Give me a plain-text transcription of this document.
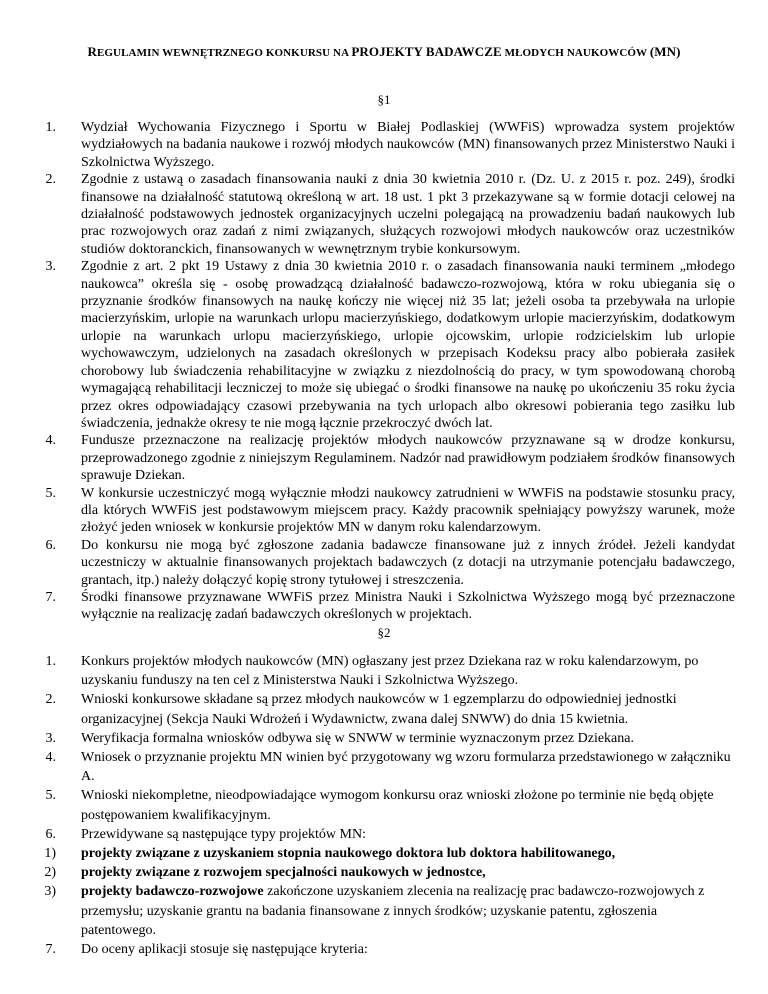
REGULAMIN WEWNĘTRZNEGO KONKURSU NA PROJEKTY BADAWCZE MŁODYCH NAUKOWCÓW (MN)
§1
1. Wydział Wychowania Fizycznego i Sportu w Białej Podlaskiej (WWFiS) wprowadza system projektów wydziałowych na badania naukowe i rozwój młodych naukowców (MN) finansowanych przez Ministerstwo Nauki i Szkolnictwa Wyższego.
2. Zgodnie z ustawą o zasadach finansowania nauki z dnia 30 kwietnia 2010 r. (Dz. U. z 2015 r. poz. 249), środki finansowe na działalność statutową określoną w art. 18 ust. 1 pkt 3 przekazywane są w formie dotacji celowej na działalność podstawowych jednostek organizacyjnych uczelni polegającą na prowadzeniu badań naukowych lub prac rozwojowych oraz zadań z nimi związanych, służących rozwojowi młodych naukowców oraz uczestników studiów doktoranckich, finansowanych w wewnętrznym trybie konkursowym.
3. Zgodnie z art. 2 pkt 19 Ustawy z dnia 30 kwietnia 2010 r. o zasadach finansowania nauki terminem „młodego naukowca” określa się - osobę prowadzącą działalność badawczo-rozwojową, która w roku ubiegania się o przyznanie środków finansowych na naukę kończy nie więcej niż 35 lat; jeżeli osoba ta przebywała na urlopie macierzyńskim, urlopie na warunkach urlopu macierzyńskiego, dodatkowym urlopie macierzyńskim, dodatkowym urlopie na warunkach urlopu macierzyńskiego, urlopie ojcowskim, urlopie rodzicielskim lub urlopie wychowawczym, udzielonych na zasadach określonych w przepisach Kodeksu pracy albo pobierała zasiłek chorobowy lub świadczenia rehabilitacyjne w związku z niezdolnością do pracy, w tym spowodowaną chorobą wymagającą rehabilitacji leczniczej to może się ubiegać o środki finansowe na naukę po ukończeniu 35 roku życia przez okres odpowiadający czasowi przebywania na tych urlopach albo okresowi pobierania tego zasiłku lub świadczenia, jednakże okresy te nie mogą łącznie przekroczyć dwóch lat.
4. Fundusze przeznaczone na realizację projektów młodych naukowców przyznawane są w drodze konkursu, przeprowadzonego zgodnie z niniejszym Regulaminem. Nadzór nad prawidłowym podziałem środków finansowych sprawuje Dziekan.
5. W konkursie uczestniczyć mogą wyłącznie młodzi naukowcy zatrudnieni w WWFiS na podstawie stosunku pracy, dla których WWFiS jest podstawowym miejscem pracy. Każdy pracownik spełniający powyższy warunek, może złożyć jeden wniosek w konkursie projektów MN w danym roku kalendarzowym.
6. Do konkursu nie mogą być zgłoszone zadania badawcze finansowane już z innych źródeł. Jeżeli kandydat uczestniczy w aktualnie finansowanych projektach badawczych (z dotacji na utrzymanie potencjału badawczego, grantach, itp.) należy dołączyć kopię strony tytułowej i streszczenia.
7. Środki finansowe przyznawane WWFiS przez Ministra Nauki i Szkolnictwa Wyższego mogą być przeznaczone wyłącznie na realizację zadań badawczych określonych w projektach.
§2
1. Konkurs projektów młodych naukowców (MN) ogłaszany jest przez Dziekana raz w roku kalendarzowym, po uzyskaniu funduszy na ten cel z Ministerstwa Nauki i Szkolnictwa Wyższego.
2. Wnioski konkursowe składane są przez młodych naukowców w 1 egzemplarzu do odpowiedniej jednostki organizacyjnej (Sekcja Nauki Wdrożeń i Wydawnictw, zwana dalej SNWW) do dnia 15 kwietnia.
3. Weryfikacja formalna wniosków odbywa się w SNWW w terminie wyznaczonym przez Dziekana.
4. Wniosek o przyznanie projektu MN winien być przygotowany wg wzoru formularza przedstawionego w załączniku A.
5. Wnioski niekompletne, nieodpowiadające wymogom konkursu oraz wnioski złożone po terminie nie będą objęte postępowaniem kwalifikacyjnym.
6. Przewidywane są następujące typy projektów MN:
1) projekty związane z uzyskaniem stopnia naukowego doktora lub doktora habilitowanego,
2) projekty związane z rozwojem specjalności naukowych w jednostce,
3) projekty badawczo-rozwojowe zakończone uzyskaniem zlecenia na realizację prac badawczo-rozwojowych z przemysłu; uzyskanie grantu na badania finansowane z innych środków; uzyskanie patentu, zgłoszenia patentowego.
7. Do oceny aplikacji stosuje się następujące kryteria:
